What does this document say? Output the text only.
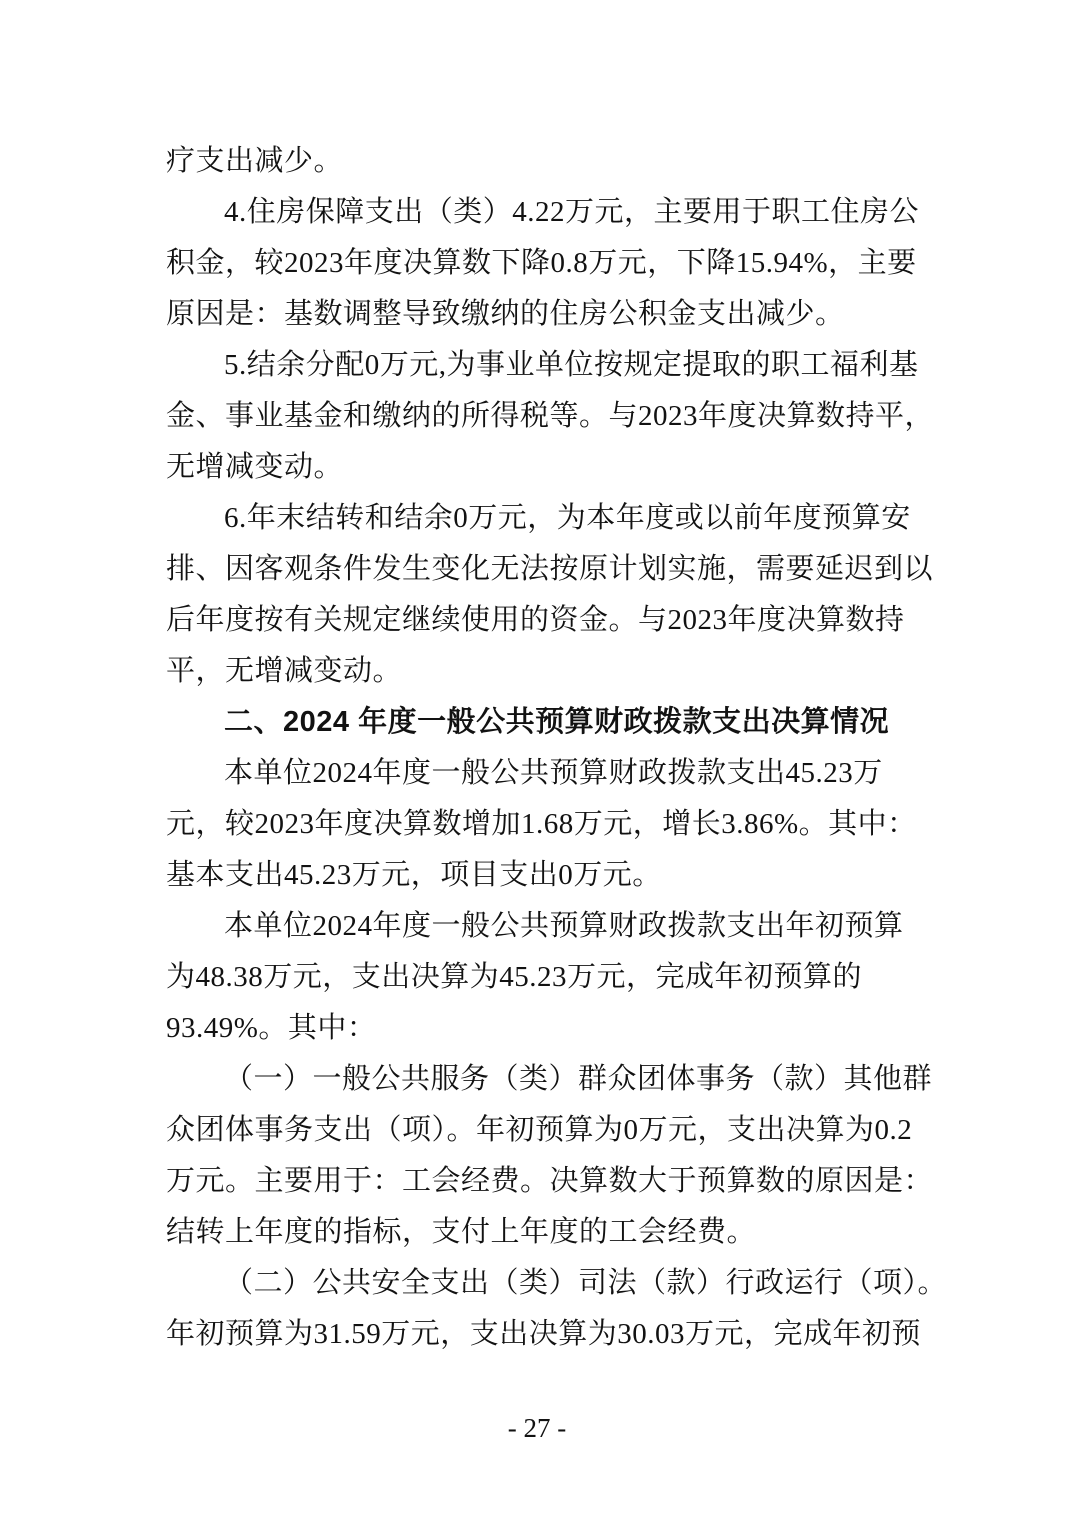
疗支出减少。
4.住房保障支出（类）4.22万元，主要用于职工住房公
积金，较2023年度决算数下降0.8万元，下降15.94%，主要
原因是：基数调整导致缴纳的住房公积金支出减少。
5.结余分配0万元,为事业单位按规定提取的职工福利基
金、事业基金和缴纳的所得税等。与2023年度决算数持平，
无增减变动。
6.年末结转和结余0万元，为本年度或以前年度预算安
排、因客观条件发生变化无法按原计划实施，需要延迟到以
后年度按有关规定继续使用的资金。与2023年度决算数持
平，无增减变动。
二、2024 年度一般公共预算财政拨款支出决算情况
本单位2024年度一般公共预算财政拨款支出45.23万
元，较2023年度决算数增加1.68万元，增长3.86%。其中：
基本支出45.23万元，项目支出0万元。
本单位2024年度一般公共预算财政拨款支出年初预算
为48.38万元，支出决算为45.23万元，完成年初预算的
93.49%。其中：
（一）一般公共服务（类）群众团体事务（款）其他群
众团体事务支出（项）。年初预算为0万元，支出决算为0.2
万元。主要用于：工会经费。决算数大于预算数的原因是：
结转上年度的指标，支付上年度的工会经费。
（二）公共安全支出（类）司法（款）行政运行（项）。
年初预算为31.59万元，支出决算为30.03万元，完成年初预
- 27 -
